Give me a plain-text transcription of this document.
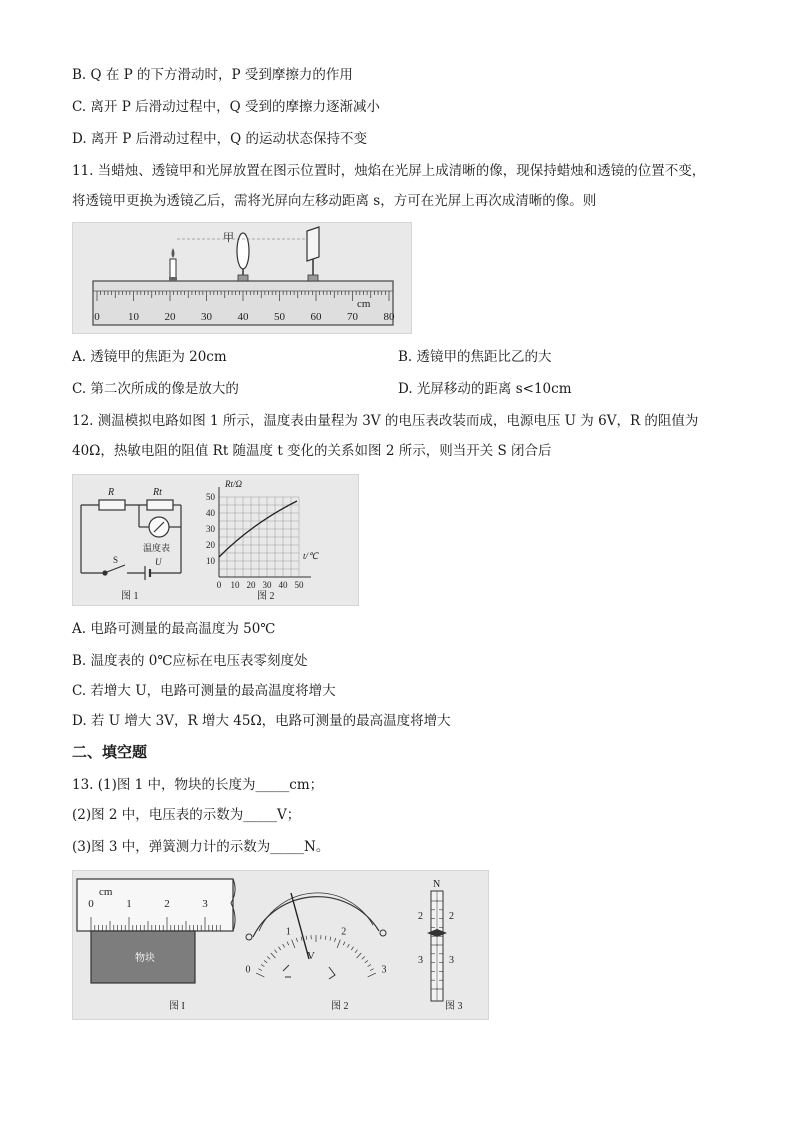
B. Q 在 P 的下方滑动时，P 受到摩擦力的作用
C. 离开 P 后滑动过程中，Q 受到的摩擦力逐渐减小
D. 离开 P 后滑动过程中，Q 的运动状态保持不变
11. 当蜡烛、透镜甲和光屏放置在图示位置时，烛焰在光屏上成清晰的像，现保持蜡烛和透镜的位置不变，
将透镜甲更换为透镜乙后，需将光屏向左移动距离 s，方可在光屏上再次成清晰的像。则
0	10 20 30 40 50 60 70 80
cm
甲
A. 透镜甲的焦距为 20cm	B. 透镜甲的焦距比乙的大
C. 第二次所成的像是放大的	D. 光屏移动的距离 s<10cm
12. 测温模拟电路如图 1 所示，温度表由量程为 3V 的电压表改装而成，电源电压 U 为 6V，R 的阻值为
40Ω，热敏电阻的阻值 Rt 随温度 t 变化的关系如图 2 所示，则当开关 S 闭合后
R	Rt
温度表
S	U
图 1
50
40
30
20
10
0 10 20 30 40 50
Rt/Ω
t/℃
图 2
A. 电路可测量的最高温度为 50℃
B. 温度表的 0℃应标在电压表零刻度处
C. 若增大 U，电路可测量的最高温度将增大
D. 若 U 增大 3V，R 增大 45Ω，电路可测量的最高温度将增大
二、填空题
13. (1)图 1 中，物块的长度为_____cm；
(2)图 2 中，电压表的示数为_____V；
(3)图 3 中，弹簧测力计的示数为_____N。
0	1	2	3
cm
物块
图 I
0
1	2
3
V
图 2
2	2
3	3
N
图 3
